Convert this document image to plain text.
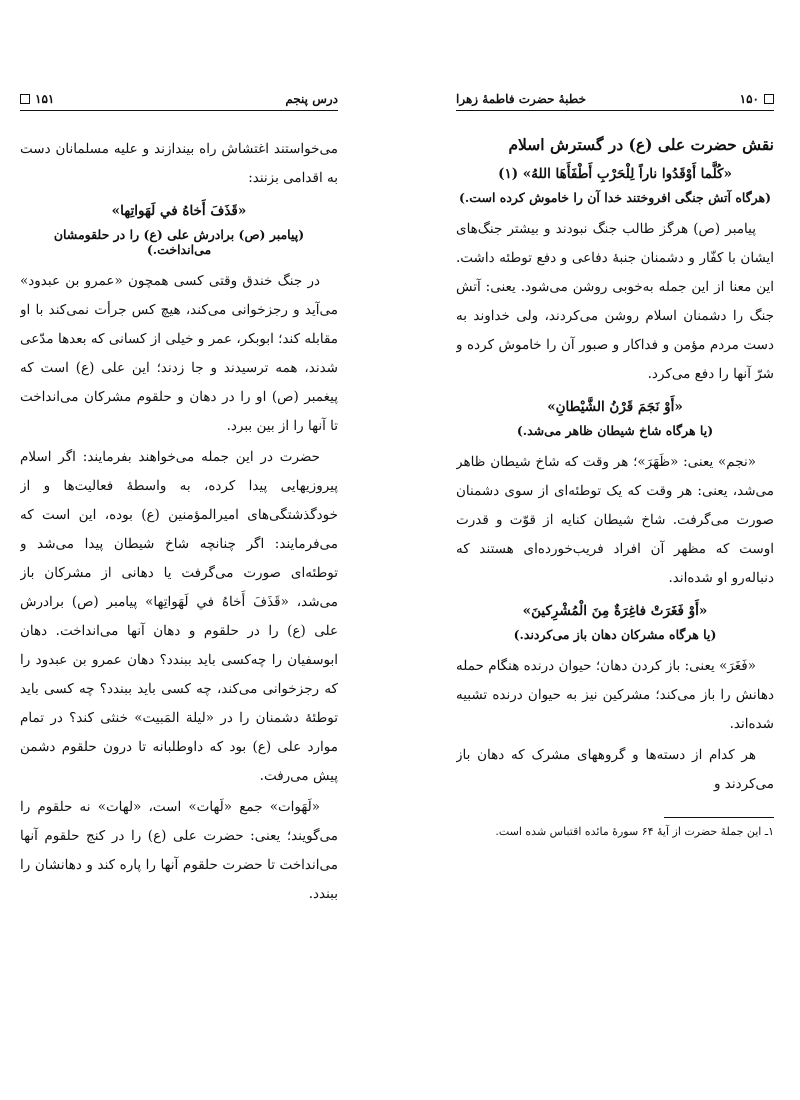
۱۵۰
خطبهٔ حضرت فاطمهٔ زهرا
نقش حضرت علی (ع) در گسترش اسلام
«کُلَّما أَوْقَدُوا ناراً لِلْحَرْبِ أَطْفَأَهَا اللهُ» (۱)
(هرگاه آتش جنگی افروختند خدا آن را خاموش کرده است.)

پیامبر (ص) هرگز طالب جنگ نبودند و بیشتر جنگ‌های ایشان با کفّار و دشمنان جنبهٔ دفاعی و دفع توطئه داشت. این معنا از این جمله به‌خوبی روشن می‌شود. یعنی: آتش جنگ را دشمنان اسلام روشن می‌کردند، ولی خداوند به دست مردم مؤمن و فداکار و صبور آن را خاموش کرده و شرّ آنها را دفع می‌کرد.

«أَوْ نَجَمَ قَرْنُ الشَّيْطانِ»
(یا هرگاه شاخ شیطان ظاهر می‌شد.)

«نجم» یعنی: «ظَهَرَ»؛ هر وقت که شاخ شیطان ظاهر می‌شد، یعنی: هر وقت که یک توطئه‌ای از سوی دشمنان صورت می‌گرفت. شاخ شیطان کنایه از قوّت و قدرت اوست که مظهر آن افراد فریب‌خورده‌ای هستند که دنباله‌رو او شده‌اند.

«أَوْ فَغَرَتْ فاغِرَةٌ مِنَ الْمُشْرِكينَ»
(یا هرگاه مشرکان دهان باز می‌کردند.)

«فَغَرَ» یعنی: باز کردن دهان؛ حیوان درنده هنگام حمله دهانش را باز می‌کند؛ مشرکین نیز به حیوان درنده تشبیه شده‌اند.

هر کدام از دسته‌ها و گروههای مشرک که دهان باز می‌کردند و

۱ـ این جملهٔ حضرت از آیهٔ ۶۴ سورهٔ مائده اقتباس شده است.
درس پنجم
۱۵۱

می‌خواستند اغتشاش راه بیندازند و علیه مسلمانان دست به اقدامی بزنند:

«قَذَفَ أَخاهُ في لَهَواتِها»
(پیامبر (ص) برادرش علی (ع) را در حلقومشان می‌انداخت.)

در جنگ خندق وقتی کسی همچون «عمرو بن عبدود» می‌آید و رجزخوانی می‌کند، هیچ کس جرأت نمی‌کند با او مقابله کند؛ ابوبکر، عمر و خیلی از کسانی که بعدها مدّعی شدند، همه ترسیدند و جا زدند؛ این علی (ع) است که پیغمبر (ص) او را در دهان و حلقوم مشرکان می‌انداخت تا آنها را از بین ببرد.

حضرت در این جمله می‌خواهند بفرمایند: اگر اسلام پیروزیهایی پیدا کرده، به واسطهٔ فعالیت‌ها و از خودگذشتگی‌های امیرالمؤمنین (ع) بوده، این است که می‌فرمایند: اگر چنانچه شاخ شیطان پیدا می‌شد و توطئه‌ای صورت می‌گرفت یا دهانی از مشرکان باز می‌شد، «قَذَفَ أَخاهُ في لَهَواتِها» پیامبر (ص) برادرش علی (ع) را در حلقوم و دهان آنها می‌انداخت. دهان ابوسفیان را چه‌کسی باید ببندد؟ دهان عمرو بن عبدود را که رجزخوانی می‌کند، چه کسی باید ببندد؟ چه کسی باید توطئهٔ دشمنان را در «لیلة المَبیت» خنثی کند؟ در تمام موارد علی (ع) بود که داوطلبانه تا درون حلقوم دشمن پیش می‌رفت.

«لَهَوات» جمع «لَهات» است، «لهات» نه حلقوم را می‌گویند؛ یعنی: حضرت علی (ع) را در کنج حلقوم آنها می‌انداخت تا حضرت حلقوم آنها را پاره کند و دهانشان را ببندد.
